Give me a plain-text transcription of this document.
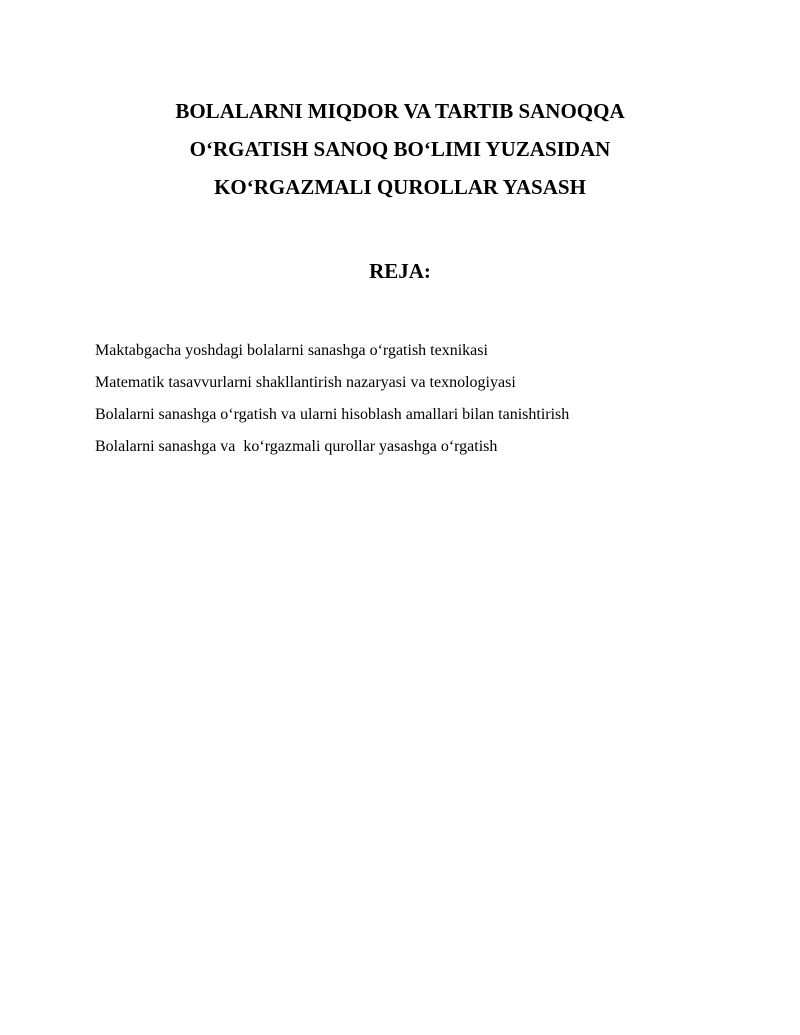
BOLALARNI MIQDOR VA TARTIB SANOQQA
O‘RGATISH SANOQ BO‘LIMI YUZASIDAN
KO‘RGAZMALI QUROLLAR YASASH
REJA:
Maktabgacha yoshdagi bolalarni sanashga o‘rgatish texnikasi
Matematik tasavvurlarni shakllantirish nazaryasi va texnologiyasi
Bolalarni sanashga o‘rgatish va ularni hisoblash amallari bilan tanishtirish
Bolalarni sanashga va  ko‘rgazmali qurollar yasashga o‘rgatish
